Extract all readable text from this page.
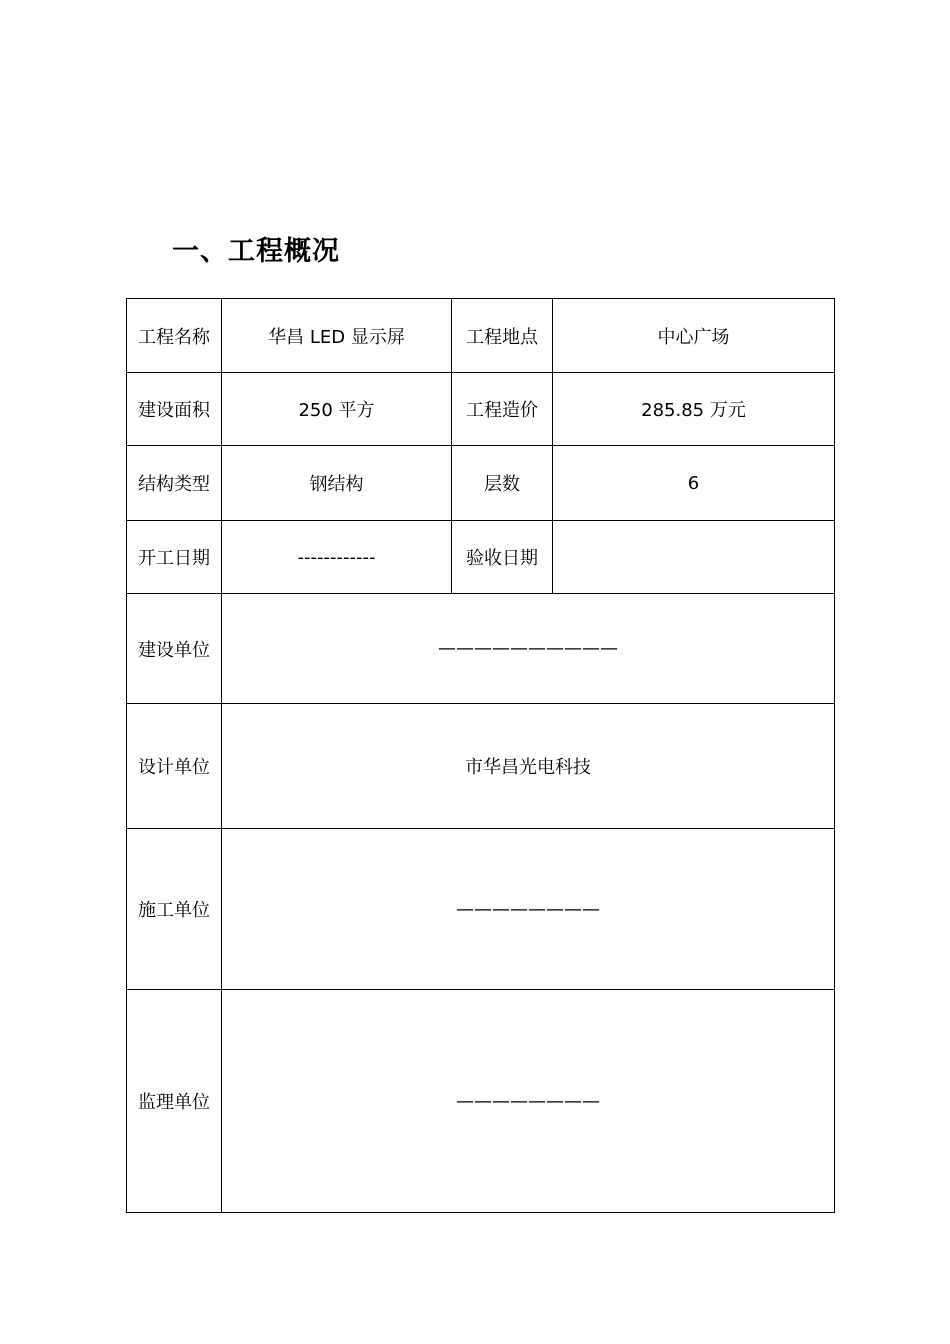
一、工程概况
工程名称	华昌 LED 显示屏	工程地点	中心广场
建设面积	250 平方	工程造价	285.85 万元
结构类型	钢结构	层数	6
开工日期	------------	验收日期	
建设单位	——————————		
设计单位	市华昌光电科技		
施工单位	————————		
监理单位	————————		
